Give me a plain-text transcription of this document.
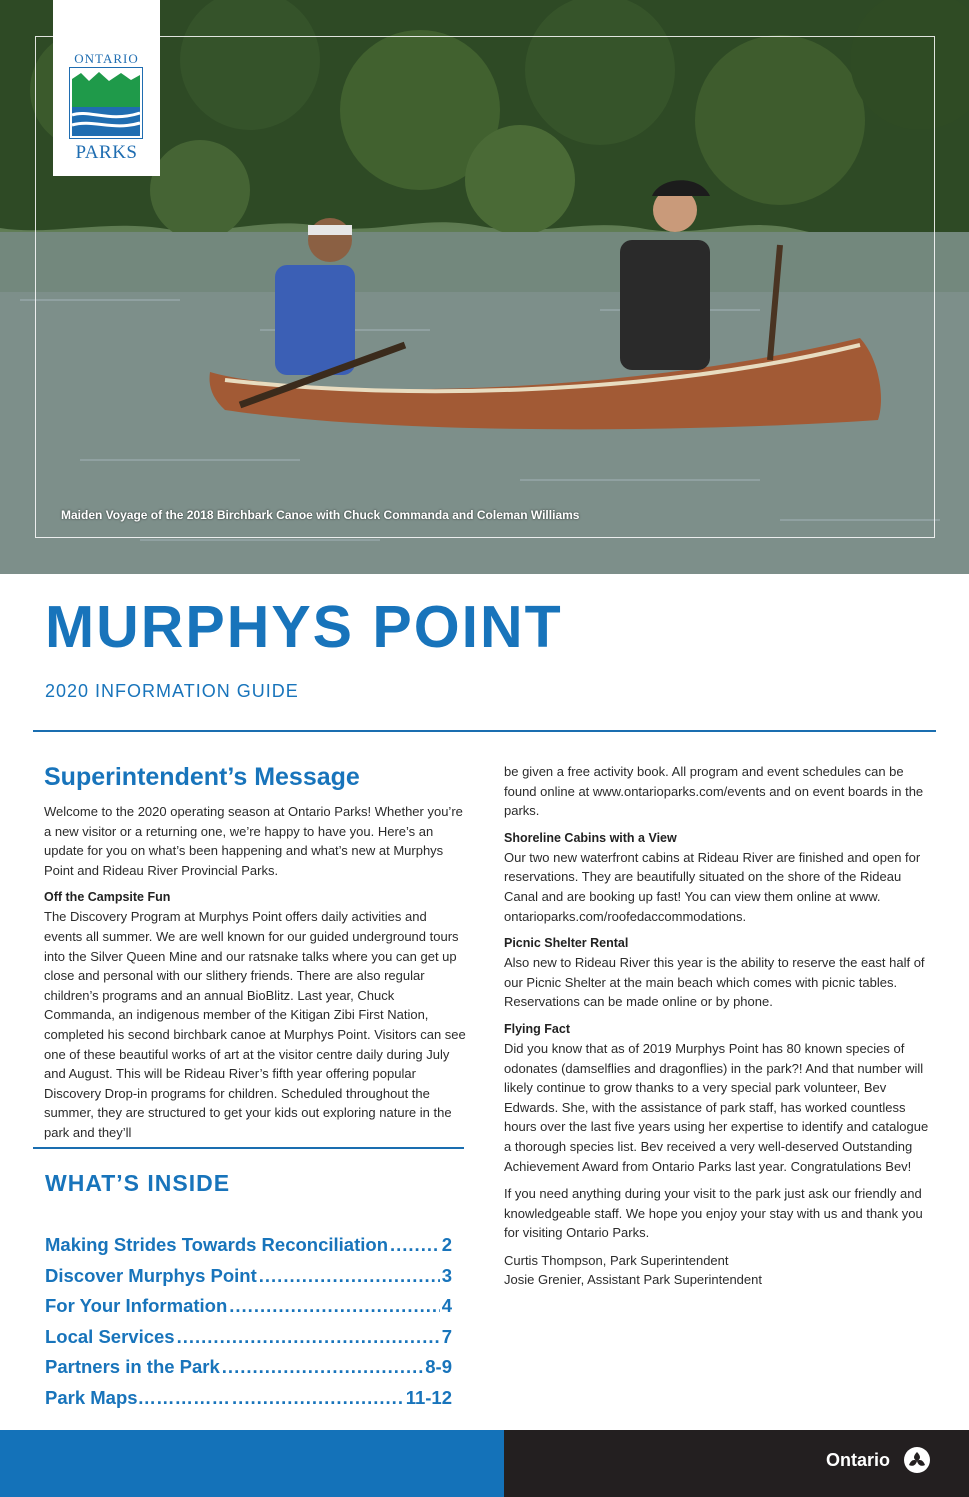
ONTARIO
PARKS
Maiden Voyage of the 2018 Birchbark Canoe with Chuck Commanda and Coleman Williams
MURPHYS POINT
2020 INFORMATION GUIDE
Superintendent’s Message

Welcome to the 2020 operating season at Ontario Parks! Whether you’re a new visitor or a returning one, we’re happy to have you. Here’s an update for you on what’s been happening and what’s new at Murphys Point and Rideau River Provincial Parks.

Off the Campsite Fun

The Discovery Program at Murphys Point offers daily activities and events all summer. We are well known for our guided underground tours into the Silver Queen Mine and our ratsnake talks where you can get up close and personal with our slithery friends. There are also regular children’s programs and an annual BioBlitz. Last year, Chuck Commanda, an indigenous member of the Kitigan Zibi First Nation, completed his second birchbark canoe at Murphys Point. Visitors can see one of these beautiful works of art at the visitor centre daily during July and August. This will be Rideau River’s fifth year offering popular Discovery Drop-in programs for children. Scheduled throughout the summer, they are structured to get your kids out exploring nature in the park and they’ll

WHAT’S INSIDE
Making Strides Towards Reconciliation .....	2
Discover Murphys Point .....	3
For Your Information .....	4
Local Services .....	7
Partners in the Park .....	8-9
Park Maps…………… .....	11-12

be given a free activity book. All program and event schedules can be found online at www.ontarioparks.com/events and on event boards in the parks.

Shoreline Cabins with a View

Our two new waterfront cabins at Rideau River are finished and open for reservations. They are beautifully situated on the shore of the Rideau Canal and are booking up fast! You can view them online at www. ontarioparks.com/roofedaccommodations.

Picnic Shelter Rental

Also new to Rideau River this year is the ability to reserve the east half of our Picnic Shelter at the main beach which comes with picnic tables. Reservations can be made online or by phone.

Flying Fact

Did you know that as of 2019 Murphys Point has 80 known species of odonates (damselflies and dragonflies) in the park?! And that number will likely continue to grow thanks to a very special park volunteer, Bev Edwards. She, with the assistance of park staff, has worked countless hours over the last five years using her expertise to identify and catalogue a thorough species list. Bev received a very well-deserved Outstanding Achievement Award from Ontario Parks last year. Congratulations Bev!

If you need anything during your visit to the park just ask our friendly and knowledgeable staff. We hope you enjoy your stay with us and thank you for visiting Ontario Parks.

Curtis Thompson, Park Superintendent

Josie Grenier, Assistant Park Superintendent

Ontario
